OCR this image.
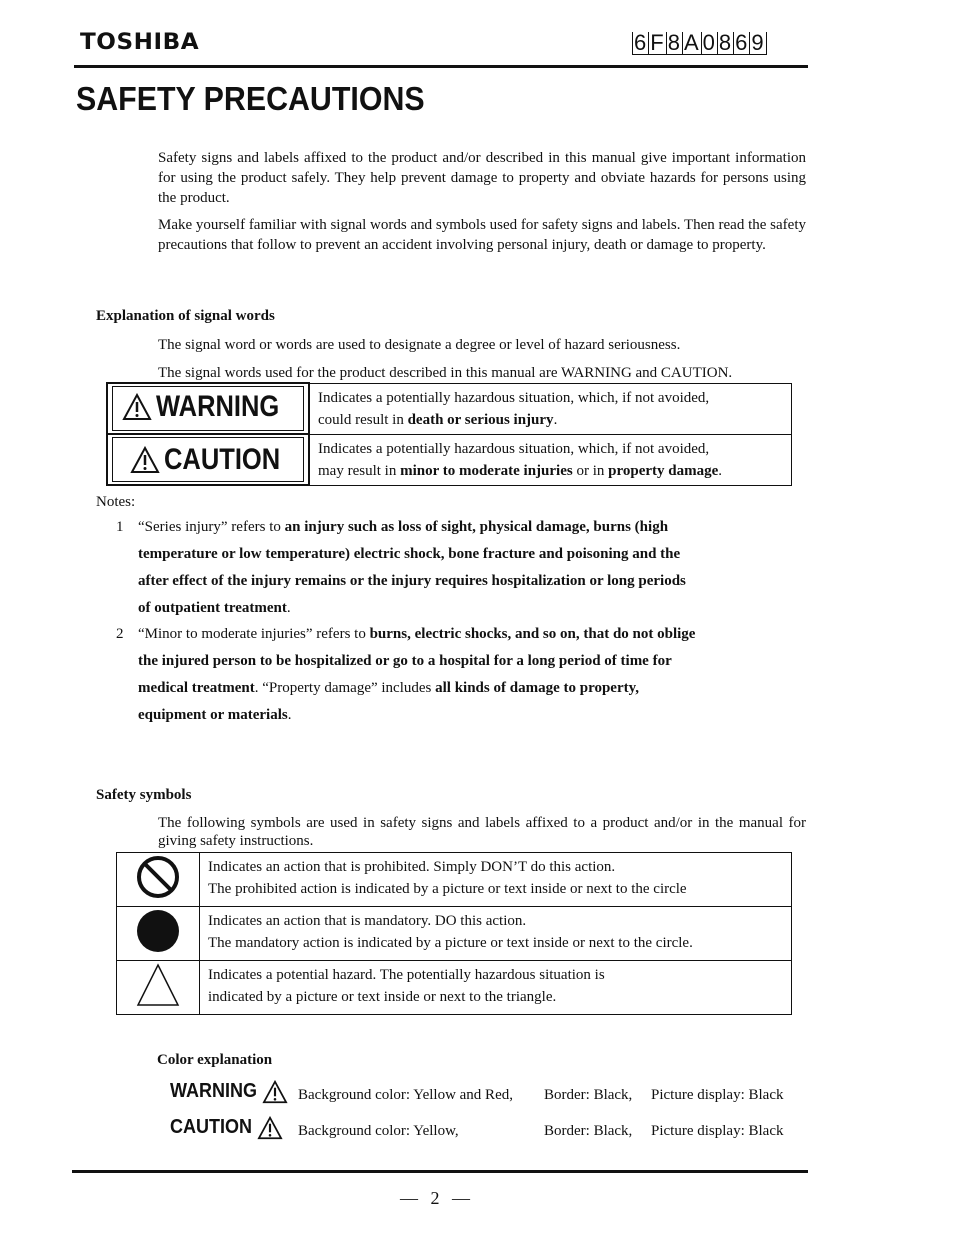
TOSHIBA	6 F 8 A 0 8 6 9
SAFETY PRECAUTIONS
Safety signs and labels affixed to the product and/or described in this manual give important information for using the product safely. They help prevent damage to property and obviate hazards for persons using the product.
Make yourself familiar with signal words and symbols used for safety signs and labels. Then read the safety precautions that follow to prevent an accident involving personal injury, death or damage to property.
Explanation of signal words
The signal word or words are used to designate a degree or level of hazard seriousness.
The signal words used for the product described in this manual are WARNING and CAUTION.
WARNING	Indicates a potentially hazardous situation, which, if not avoided,
could result in death or serious injury.

CAUTION	Indicates a potentially hazardous situation, which, if not avoided,
may result in minor to moderate injuries or in property damage.
Notes:
1 “Series injury” refers to an injury such as loss of sight, physical damage, burns (high
temperature or low temperature) electric shock, bone fracture and poisoning and the
after effect of the injury remains or the injury requires hospitalization or long periods
of outpatient treatment.
2 “Minor to moderate injuries” refers to burns, electric shocks, and so on, that do not oblige
the injured person to be hospitalized or go to a hospital for a long period of time for
medical treatment. “Property damage” includes all kinds of damage to property,
equipment or materials.
Safety symbols
The following symbols are used in safety signs and labels affixed to a product and/or in the manual for giving safety instructions.

Indicates an action that is prohibited. Simply DON’T do this action.
The prohibited action is indicated by a picture or text inside or next to the circle

Indicates an action that is mandatory. DO this action.
The mandatory action is indicated by a picture or text inside or next to the circle.

Indicates a potential hazard. The potentially hazardous situation is
indicated by a picture or text inside or next to the triangle.
Color explanation
WARNING	Background color: Yellow and Red, Border: Black, Picture display: Black
CAUTION	Background color: Yellow,	Border: Black, Picture display: Black
— 2 —
